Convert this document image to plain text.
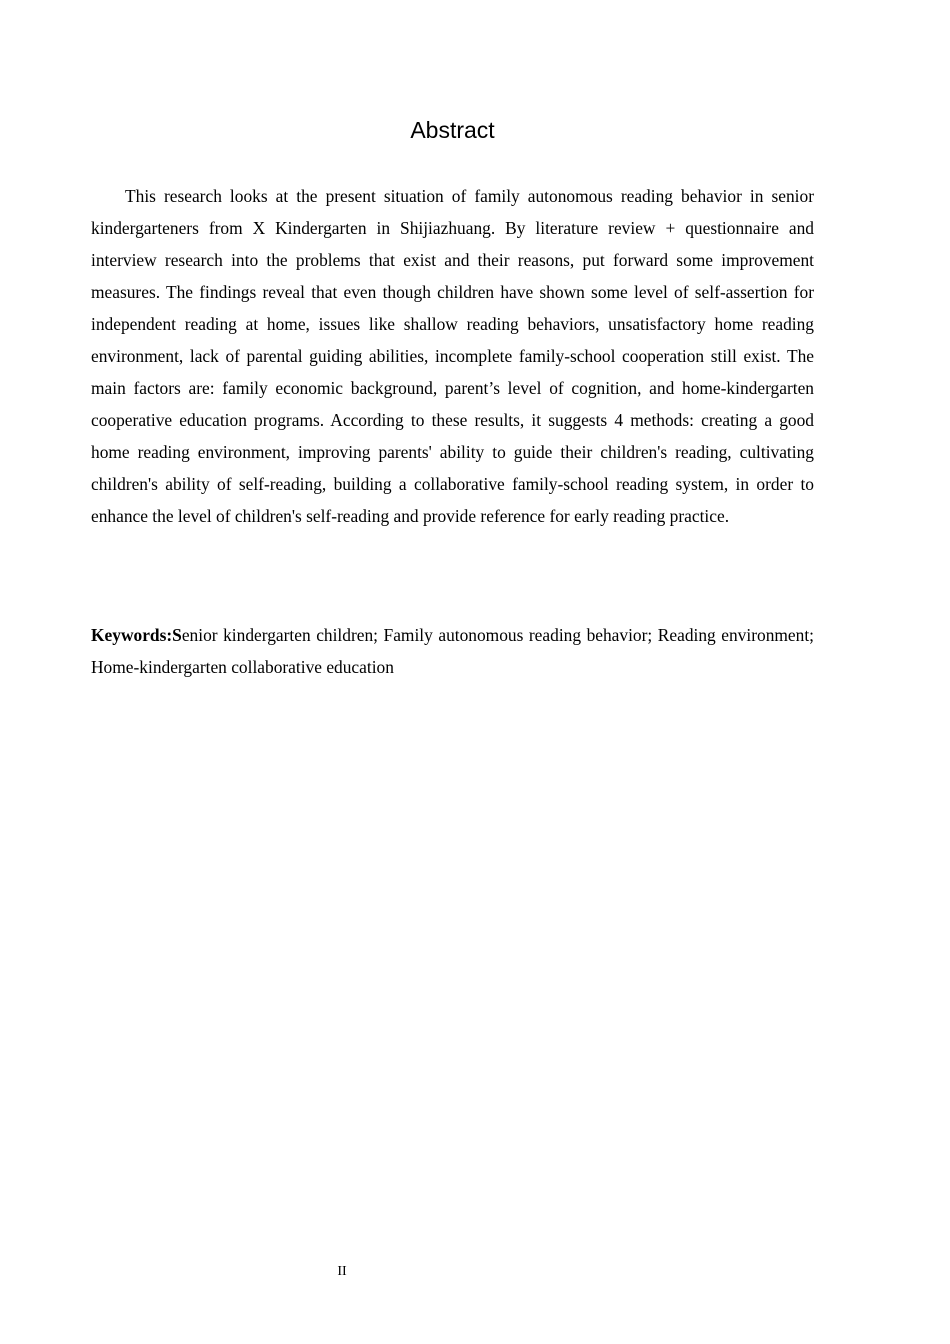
Abstract

This research looks at the present situation of family autonomous reading behavior in senior kindergarteners from X Kindergarten in Shijiazhuang. By literature review + questionnaire and interview research into the problems that exist and their reasons, put forward some improvement measures. The findings reveal that even though children have shown some level of self-assertion for independent reading at home, issues like shallow reading behaviors, unsatisfactory home reading environment, lack of parental guiding abilities, incomplete family-school cooperation still exist. The main factors are: family economic background, parent’s level of cognition, and home-kindergarten cooperative education programs. According to these results, it suggests 4 methods: creating a good home reading environment, improving parents' ability to guide their children's reading, cultivating children's ability of self-reading, building a collaborative family-school reading system, in order to enhance the level of children's self-reading and provide reference for early reading practice.

Keywords:Senior kindergarten children; Family autonomous reading behavior; Reading environment; Home-kindergarten collaborative education

II
